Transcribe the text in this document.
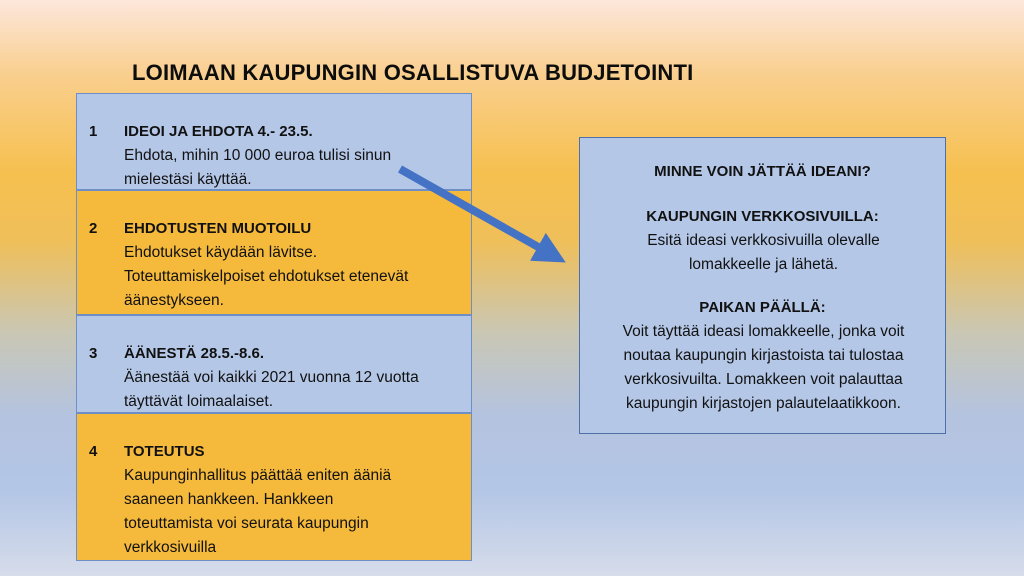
LOIMAAN KAUPUNGIN OSALLISTUVA BUDJETOINTI
1 IDEOI JA EHDOTA 4.- 23.5.
Ehdota, mihin 10 000 euroa tulisi sinun
mielestäsi käyttää.
2 EHDOTUSTEN MUOTOILU
Ehdotukset käydään lävitse.
Toteuttamiskelpoiset ehdotukset etenevät
äänestykseen.
3 ÄÄNESTÄ 28.5.-8.6.
Äänestää voi kaikki 2021 vuonna 12 vuotta
täyttävät loimaalaiset.
4 TOTEUTUS
Kaupunginhallitus päättää eniten ääniä
saaneen hankkeen. Hankkeen
toteuttamista voi seurata kaupungin
verkkosivuilla
MINNE VOIN JÄTTÄÄ IDEANI?
KAUPUNGIN VERKKOSIVUILLA:
Esitä ideasi verkkosivuilla olevalle
lomakkeelle ja lähetä.
PAIKAN PÄÄLLÄ:
Voit täyttää ideasi lomakkeelle, jonka voit
noutaa kaupungin kirjastoista tai tulostaa
verkkosivuilta. Lomakkeen voit palauttaa
kaupungin kirjastojen palautelaatikkoon.
